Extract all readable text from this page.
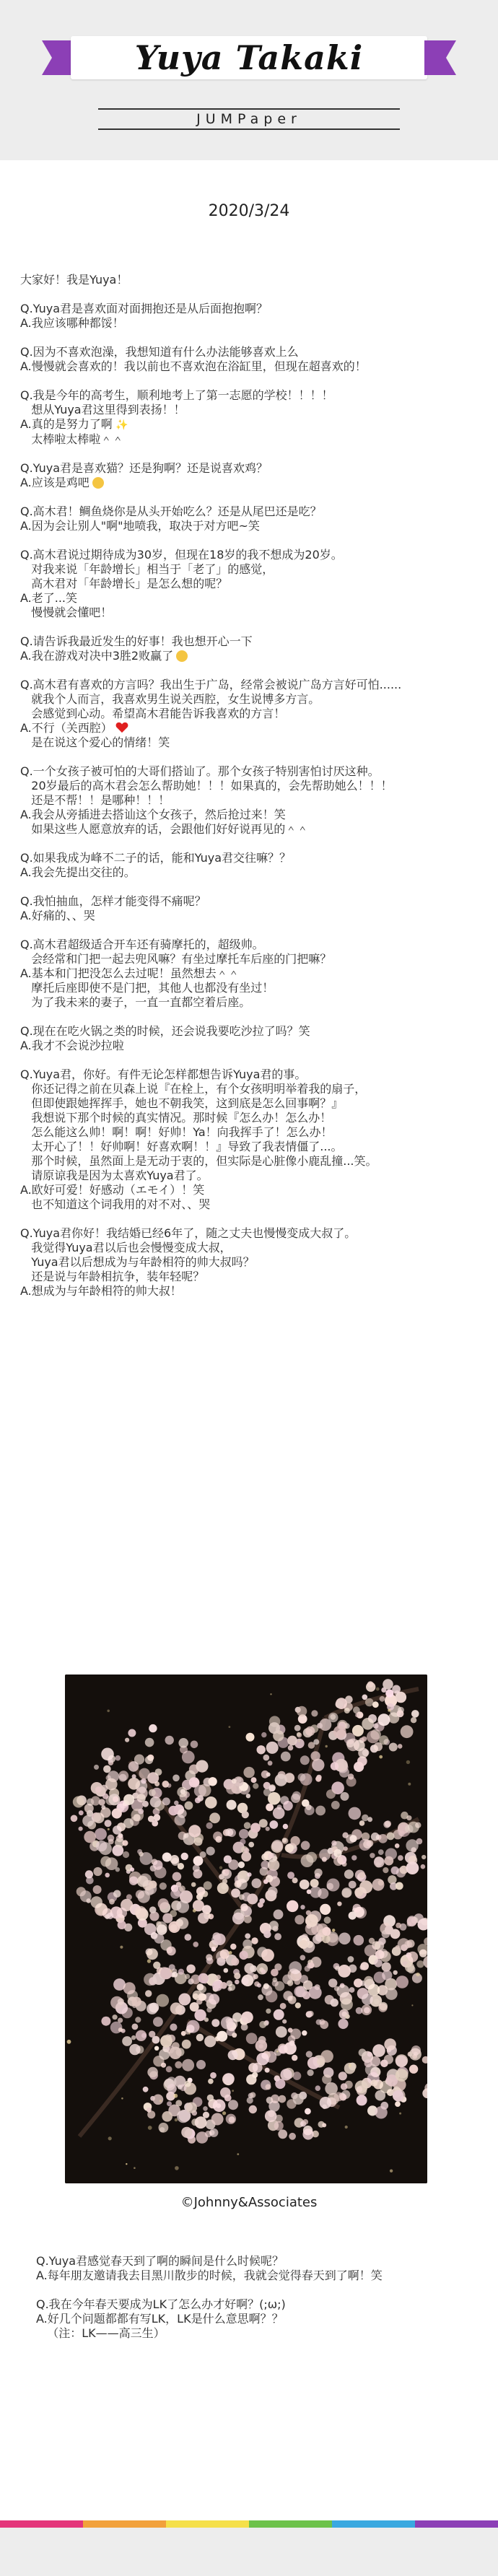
Yuya Takaki
JUMPaper
2020/3/24
大家好！我是Yuya！
Q.Yuya君是喜欢面对面拥抱还是从后面抱抱啊？
A.我应该哪种都馁！
Q.因为不喜欢泡澡，我想知道有什么办法能够喜欢上么
A.慢慢就会喜欢的！我以前也不喜欢泡在浴缸里，但现在超喜欢的！
Q.我是今年的高考生，顺利地考上了第一志愿的学校！！！！
想从Yuya君这里得到表扬！！
A.真的是努力了啊 ✨
太棒啦太棒啦＾＾
Q.Yuya君是喜欢猫？还是狗啊？还是说喜欢鸡？
A.应该是鸡吧
Q.高木君！鲷鱼烧你是从头开始吃么？还是从尾巴还是吃？
A.因为会让别人"啊"地喷我，取决于对方吧~笑
Q.高木君说过期待成为30岁，但现在18岁的我不想成为20岁。
对我来说「年龄增长」相当于「老了」的感觉，
高木君对「年龄增长」是怎么想的呢？
A.老了...笑
慢慢就会懂吧！
Q.请告诉我最近发生的好事！我也想开心一下
A.我在游戏对决中3胜2败赢了
Q.高木君有喜欢的方言吗？我出生于广岛，经常会被说广岛方言好可怕......
就我个人而言，我喜欢男生说关西腔，女生说博多方言。
会感觉到心动。希望高木君能告诉我喜欢的方言！
A.不行（关西腔）
是在说这个爱心的情绪！笑
Q.一个女孩子被可怕的大哥们搭讪了。那个女孩子特别害怕讨厌这种。
20岁最后的高木君会怎么帮助她！！！如果真的，会先帮助她么！！！
还是不帮！！是哪种！！！
A.我会从旁插进去搭讪这个女孩子，然后抢过来！笑
如果这些人愿意放弃的话，会跟他们好好说再见的＾＾
Q.如果我成为峰不二子的话，能和Yuya君交往嘛？？
A.我会先提出交往的。
Q.我怕抽血，怎样才能变得不痛呢？
A.好痛的、、哭
Q.高木君超级适合开车还有骑摩托的，超级帅。
会经常和门把一起去兜风嘛？有坐过摩托车后座的门把嘛？
A.基本和门把没怎么去过呢！虽然想去＾＾
摩托后座即使不是门把，其他人也都没有坐过！
为了我未来的妻子，一直一直都空着后座。
Q.现在在吃火锅之类的时候，还会说我要吃沙拉了吗？笑
A.我才不会说沙拉啦
Q.Yuya君，你好。有件无论怎样都想告诉Yuya君的事。
你还记得之前在贝森上说『在栓上，有个女孩明明举着我的扇子，
但即使跟她挥挥手，她也不朝我笑，这到底是怎么回事啊？』
我想说下那个时候的真实情况。那时候『怎么办！怎么办！
怎么能这么帅！啊！啊！好帅！Ya！向我挥手了！怎么办！
太开心了！！好帅啊！好喜欢啊！！』导致了我表情僵了...。
那个时候，虽然面上是无动于衷的，但实际是心脏像小鹿乱撞...笑。
请原谅我是因为太喜欢Yuya君了。
A.欧好可爱！好感动（エモイ）！笑
也不知道这个词我用的对不对、、哭
Q.Yuya君你好！我结婚已经6年了，随之丈夫也慢慢变成大叔了。
我觉得Yuya君以后也会慢慢变成大叔，
Yuya君以后想成为与年龄相符的帅大叔吗？
还是说与年龄相抗争，装年轻呢？
A.想成为与年龄相符的帅大叔！
©Johnny&Associates
Q.Yuya君感觉春天到了啊的瞬间是什么时候呢？
A.每年朋友邀请我去目黑川散步的时候，我就会觉得春天到了啊！笑
Q.我在今年春天要成为LK了怎么办才好啊？(;ω;)
A.好几个问题都都有写LK，LK是什么意思啊？？
（注：LK——高三生）
